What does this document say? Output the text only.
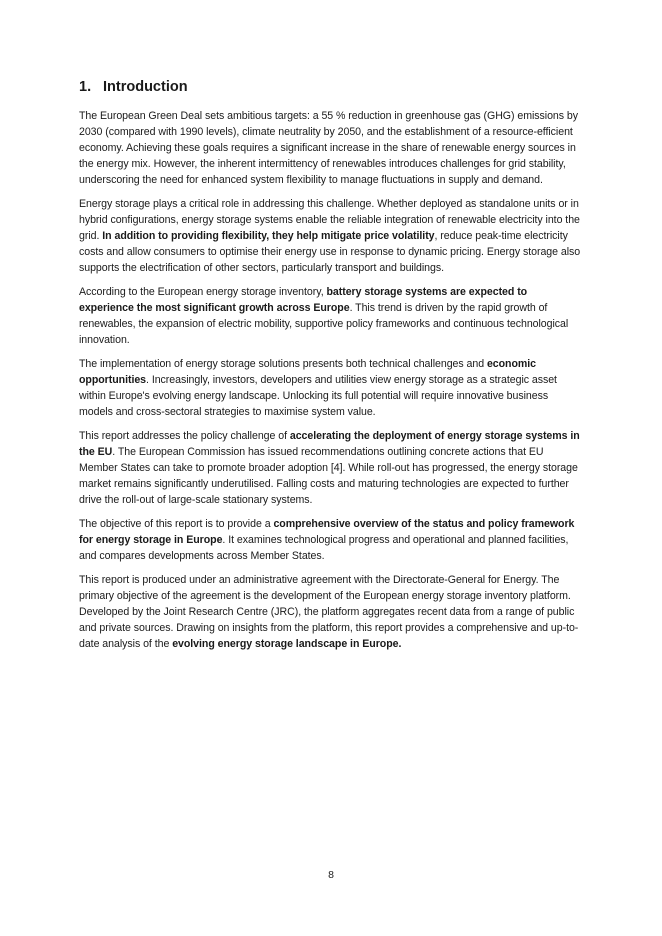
1. Introduction

The European Green Deal sets ambitious targets: a 55 % reduction in greenhouse gas (GHG) emissions by 2030 (compared with 1990 levels), climate neutrality by 2050, and the establishment of a resource-efficient economy. Achieving these goals requires a significant increase in the share of renewable energy sources in the energy mix. However, the inherent intermittency of renewables introduces challenges for grid stability, underscoring the need for enhanced system flexibility to manage fluctuations in supply and demand.

Energy storage plays a critical role in addressing this challenge. Whether deployed as standalone units or in hybrid configurations, energy storage systems enable the reliable integration of renewable electricity into the grid. In addition to providing flexibility, they help mitigate price volatility, reduce peak-time electricity costs and allow consumers to optimise their energy use in response to dynamic pricing. Energy storage also supports the electrification of other sectors, particularly transport and buildings.

According to the European energy storage inventory, battery storage systems are expected to experience the most significant growth across Europe. This trend is driven by the rapid growth of renewables, the expansion of electric mobility, supportive policy frameworks and continuous technological innovation.

The implementation of energy storage solutions presents both technical challenges and economic opportunities. Increasingly, investors, developers and utilities view energy storage as a strategic asset within Europe's evolving energy landscape. Unlocking its full potential will require innovative business models and cross-sectoral strategies to maximise system value.

This report addresses the policy challenge of accelerating the deployment of energy storage systems in the EU. The European Commission has issued recommendations outlining concrete actions that EU Member States can take to promote broader adoption [4]. While roll-out has progressed, the energy storage market remains significantly underutilised. Falling costs and maturing technologies are expected to further drive the roll-out of large-scale stationary systems.

The objective of this report is to provide a comprehensive overview of the status and policy framework for energy storage in Europe. It examines technological progress and operational and planned facilities, and compares developments across Member States.

This report is produced under an administrative agreement with the Directorate-General for Energy. The primary objective of the agreement is the development of the European energy storage inventory platform. Developed by the Joint Research Centre (JRC), the platform aggregates recent data from a range of public and private sources. Drawing on insights from the platform, this report provides a comprehensive and up-to-date analysis of the evolving energy storage landscape in Europe.

8
